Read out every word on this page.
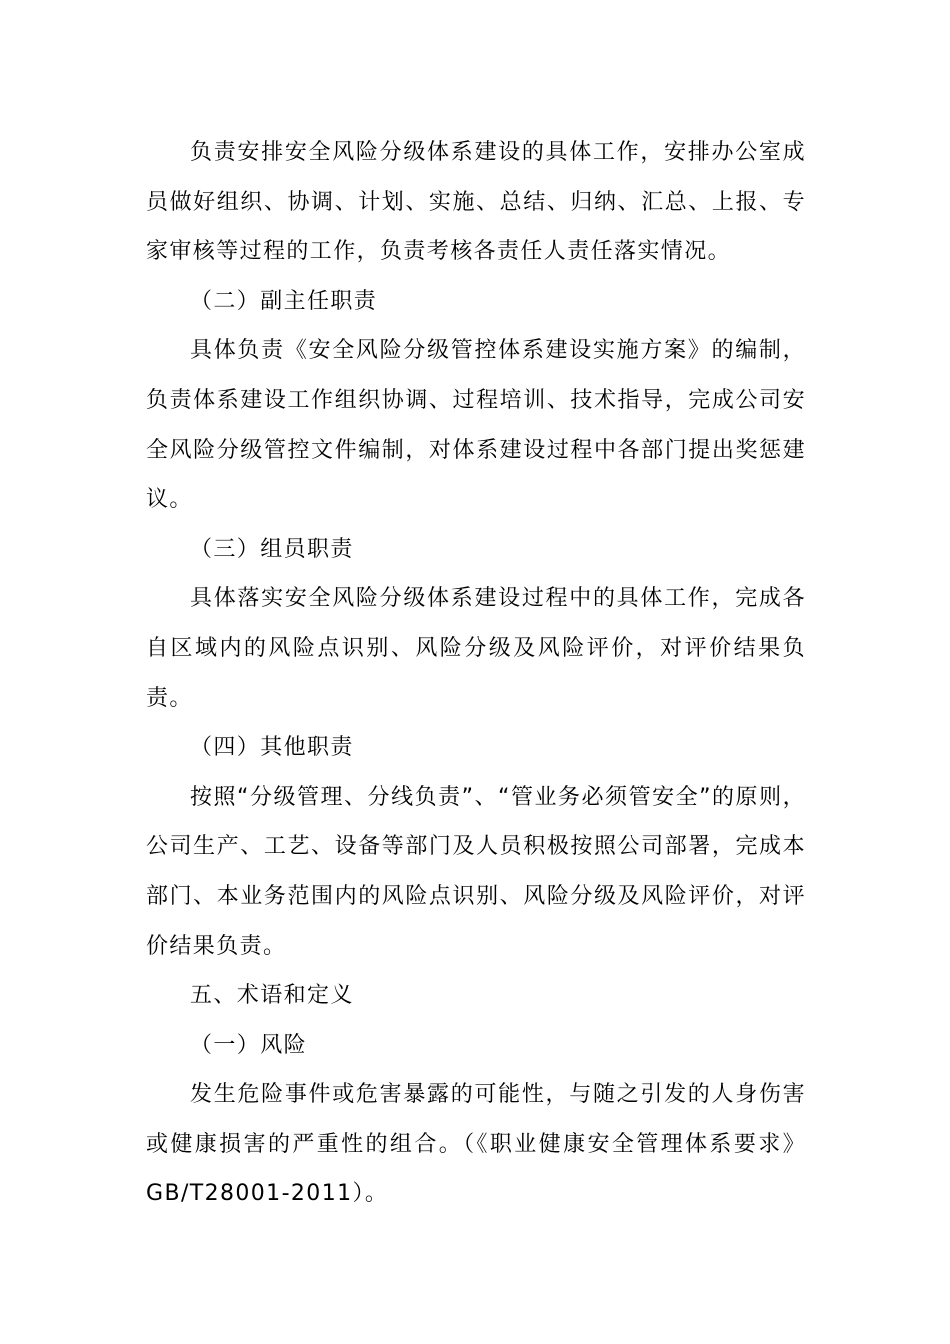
负责安排安全风险分级体系建设的具体工作，安排办公室成员做好组织、协调、计划、实施、总结、归纳、汇总、上报、专家审核等过程的工作，负责考核各责任人责任落实情况。

（二）副主任职责

具体负责《安全风险分级管控体系建设实施方案》的编制，负责体系建设工作组织协调、过程培训、技术指导，完成公司安全风险分级管控文件编制，对体系建设过程中各部门提出奖惩建议。

（三）组员职责

具体落实安全风险分级体系建设过程中的具体工作，完成各自区域内的风险点识别、风险分级及风险评价，对评价结果负责。

（四）其他职责

按照“分级管理、分线负责”、“管业务必须管安全”的原则，公司生产、工艺、设备等部门及人员积极按照公司部署，完成本部门、本业务范围内的风险点识别、风险分级及风险评价，对评价结果负责。

五、术语和定义

（一）风险

发生危险事件或危害暴露的可能性，与随之引发的人身伤害或健康损害的严重性的组合。（《职业健康安全管理体系要求》GB/T28001-2011）。
